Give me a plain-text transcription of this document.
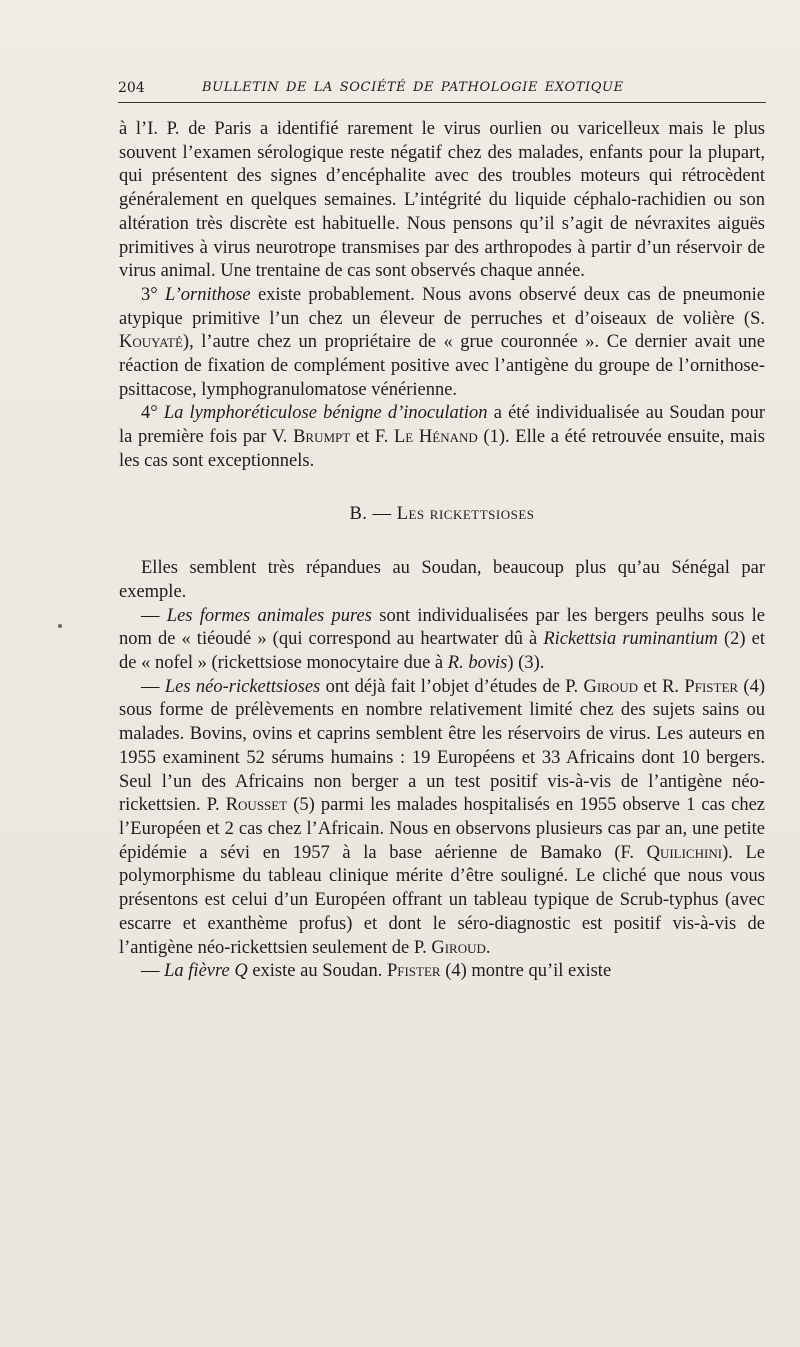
204	BULLETIN DE LA SOCIÉTÉ DE PATHOLOGIE EXOTIQUE

à l’I. P. de Paris a identifié rarement le virus ourlien ou varicelleux mais le plus souvent l’examen sérologique reste négatif chez des malades, enfants pour la plupart, qui présentent des signes d’encéphalite avec des troubles moteurs qui rétrocèdent généralement en quelques semaines. L’intégrité du liquide céphalo-rachidien ou son altération très discrète est habituelle. Nous pensons qu’il s’agit de névraxites aiguës primitives à virus neurotrope transmises par des arthropodes à partir d’un réservoir de virus animal. Une trentaine de cas sont observés chaque année.

3° L’ornithose existe probablement. Nous avons observé deux cas de pneumonie atypique primitive l’un chez un éleveur de perruches et d’oiseaux de volière (S. Kouyaté), l’autre chez un propriétaire de « grue couronnée ». Ce dernier avait une réaction de fixation de complément positive avec l’antigène du groupe de l’ornithose-psittacose, lymphogranulomatose vénérienne.

4° La lymphoréticulose bénigne d’inoculation a été individualisée au Soudan pour la première fois par V. Brumpt et F. Le Hénand (1). Elle a été retrouvée ensuite, mais les cas sont exceptionnels.

B. — Les rickettsioses

Elles semblent très répandues au Soudan, beaucoup plus qu’au Sénégal par exemple.

— Les formes animales pures sont individualisées par les bergers peulhs sous le nom de « tiéoudé » (qui correspond au heartwater dû à Rickettsia ruminantium (2) et de « nofel » (rickettsiose monocytaire due à R. bovis) (3).

— Les néo-rickettsioses ont déjà fait l’objet d’études de P. Giroud et R. Pfister (4) sous forme de prélèvements en nombre relativement limité chez des sujets sains ou malades. Bovins, ovins et caprins semblent être les réservoirs de virus. Les auteurs en 1955 examinent 52 sérums humains : 19 Européens et 33 Africains dont 10 bergers. Seul l’un des Africains non berger a un test positif vis-à-vis de l’antigène néo-rickettsien. P. Rousset (5) parmi les malades hospitalisés en 1955 observe 1 cas chez l’Européen et 2 cas chez l’Africain. Nous en observons plusieurs cas par an, une petite épidémie a sévi en 1957 à la base aérienne de Bamako (F. Quilichini). Le polymorphisme du tableau clinique mérite d’être souligné. Le cliché que nous vous présentons est celui d’un Européen offrant un tableau typique de Scrub-typhus (avec escarre et exanthème profus) et dont le séro-diagnostic est positif vis-à-vis de l’antigène néo-rickettsien seulement de P. Giroud.

— La fièvre Q existe au Soudan. Pfister (4) montre qu’il existe
